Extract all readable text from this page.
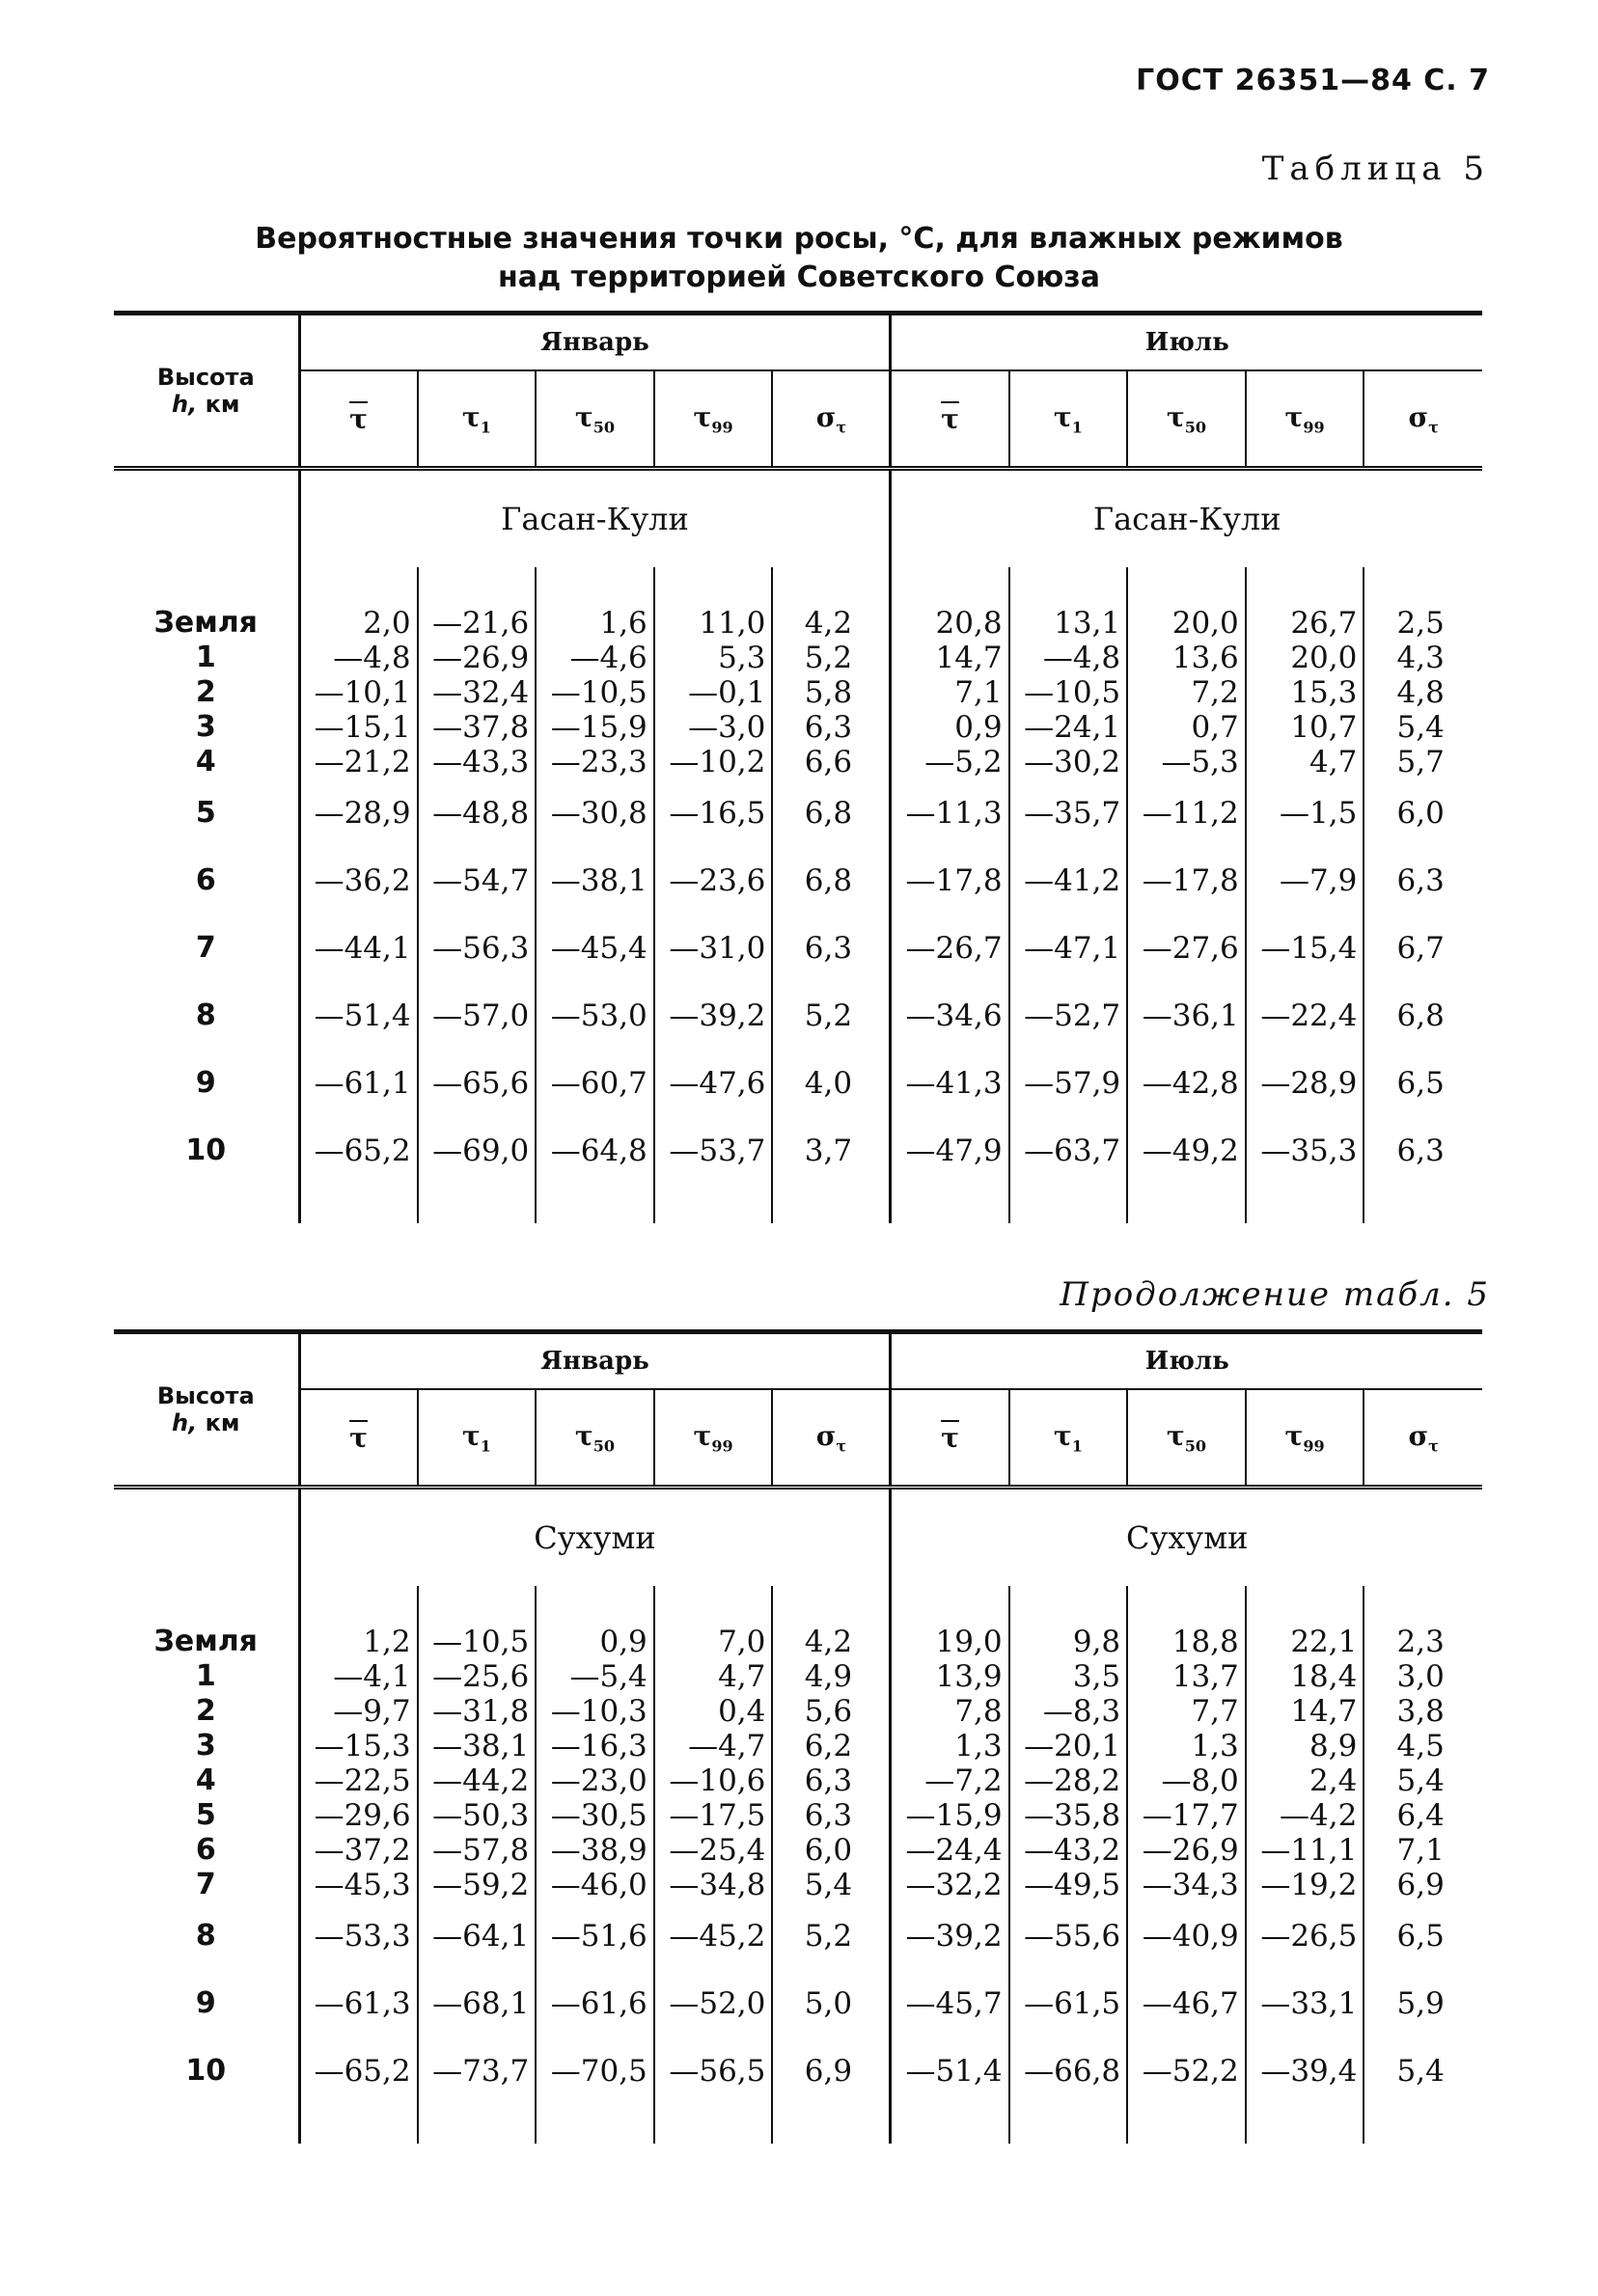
ГОСТ 26351—84 С. 7
Таблица 5
Вероятностные значения точки росы, °С, для влажных режимов
над территорией Советского Союза
Высота
h, км	Январь					Июль				
	$\overline{\tau}$	$\tau_1$	$\tau_{50}$	$\tau_{99}$	$\sigma_\tau$	$\overline{\tau}$	$\tau_1$	$\tau_{50}$	$\tau_{99}$	$\sigma_\tau$
	Гасан-Кули					Гасан-Кули				

Земля	2,0	—21,6	1,6	11,0	4,2	20,8	13,1	20,0	26,7	2,5
1	—4,8	—26,9	—4,6	5,3	5,2	14,7	—4,8	13,6	20,0	4,3
2	—10,1	—32,4	—10,5	—0,1	5,8	7,1	—10,5	7,2	15,3	4,8
3	—15,1	—37,8	—15,9	—3,0	6,3	0,9	—24,1	0,7	10,7	5,4
4	—21,2	—43,3	—23,3	—10,2	6,6	—5,2	—30,2	—5,3	4,7	5,7
5	—28,9	—48,8	—30,8	—16,5	6,8	—11,3	—35,7	—11,2	—1,5	6,0
6	—36,2	—54,7	—38,1	—23,6	6,8	—17,8	—41,2	—17,8	—7,9	6,3
7	—44,1	—56,3	—45,4	—31,0	6,3	—26,7	—47,1	—27,6	—15,4	6,7
8	—51,4	—57,0	—53,0	—39,2	5,2	—34,6	—52,7	—36,1	—22,4	6,8
9	—61,1	—65,6	—60,7	—47,6	4,0	—41,3	—57,9	—42,8	—28,9	6,5
10	—65,2	—69,0	—64,8	—53,7	3,7	—47,9	—63,7	—49,2	—35,3	6,3

Продолжение табл. 5
Высота
h, км	Январь					Июль				
	$\overline{\tau}$	$\tau_1$	$\tau_{50}$	$\tau_{99}$	$\sigma_\tau$	$\overline{\tau}$	$\tau_1$	$\tau_{50}$	$\tau_{99}$	$\sigma_\tau$
	Сухуми					Сухуми				

Земля	1,2	—10,5	0,9	7,0	4,2	19,0	9,8	18,8	22,1	2,3
1	—4,1	—25,6	—5,4	4,7	4,9	13,9	3,5	13,7	18,4	3,0
2	—9,7	—31,8	—10,3	0,4	5,6	7,8	—8,3	7,7	14,7	3,8
3	—15,3	—38,1	—16,3	—4,7	6,2	1,3	—20,1	1,3	8,9	4,5
4	—22,5	—44,2	—23,0	—10,6	6,3	—7,2	—28,2	—8,0	2,4	5,4
5	—29,6	—50,3	—30,5	—17,5	6,3	—15,9	—35,8	—17,7	—4,2	6,4
6	—37,2	—57,8	—38,9	—25,4	6,0	—24,4	—43,2	—26,9	—11,1	7,1
7	—45,3	—59,2	—46,0	—34,8	5,4	—32,2	—49,5	—34,3	—19,2	6,9
8	—53,3	—64,1	—51,6	—45,2	5,2	—39,2	—55,6	—40,9	—26,5	6,5
9	—61,3	—68,1	—61,6	—52,0	5,0	—45,7	—61,5	—46,7	—33,1	5,9
10	—65,2	—73,7	—70,5	—56,5	6,9	—51,4	—66,8	—52,2	—39,4	5,4
